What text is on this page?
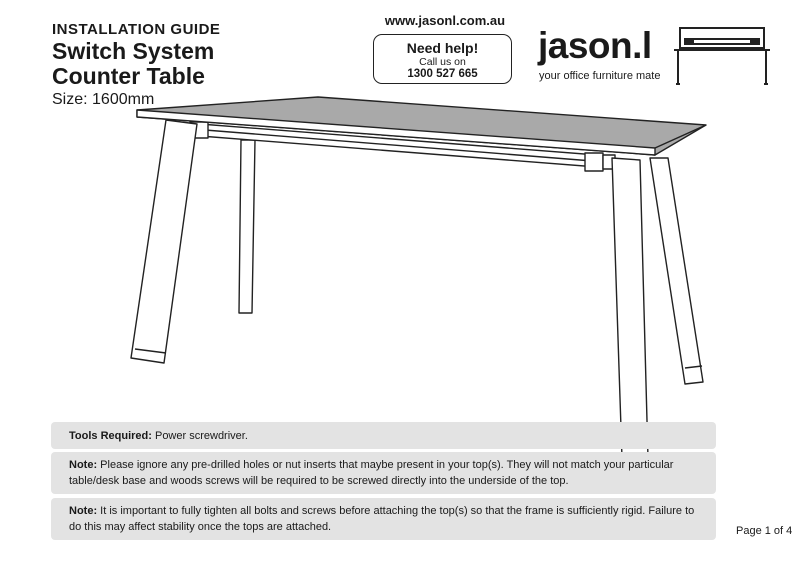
INSTALLATION GUIDE
Switch System
Counter Table
Size: 1600mm
www.jasonl.com.au
Need help!
Call us on
1300 527 665
jason.l
your office furniture mate
Tools Required: Power screwdriver.
Note: Please ignore any pre-drilled holes or nut inserts that maybe present in your top(s). They will not match your particular table/desk base and woods screws will be required to be screwed directly into the underside of the top.
Note: It is important to fully tighten all bolts and screws before attaching the top(s) so that the frame is sufficiently rigid. Failure to do this may affect stability once the tops are attached.	Page 1 of 4
